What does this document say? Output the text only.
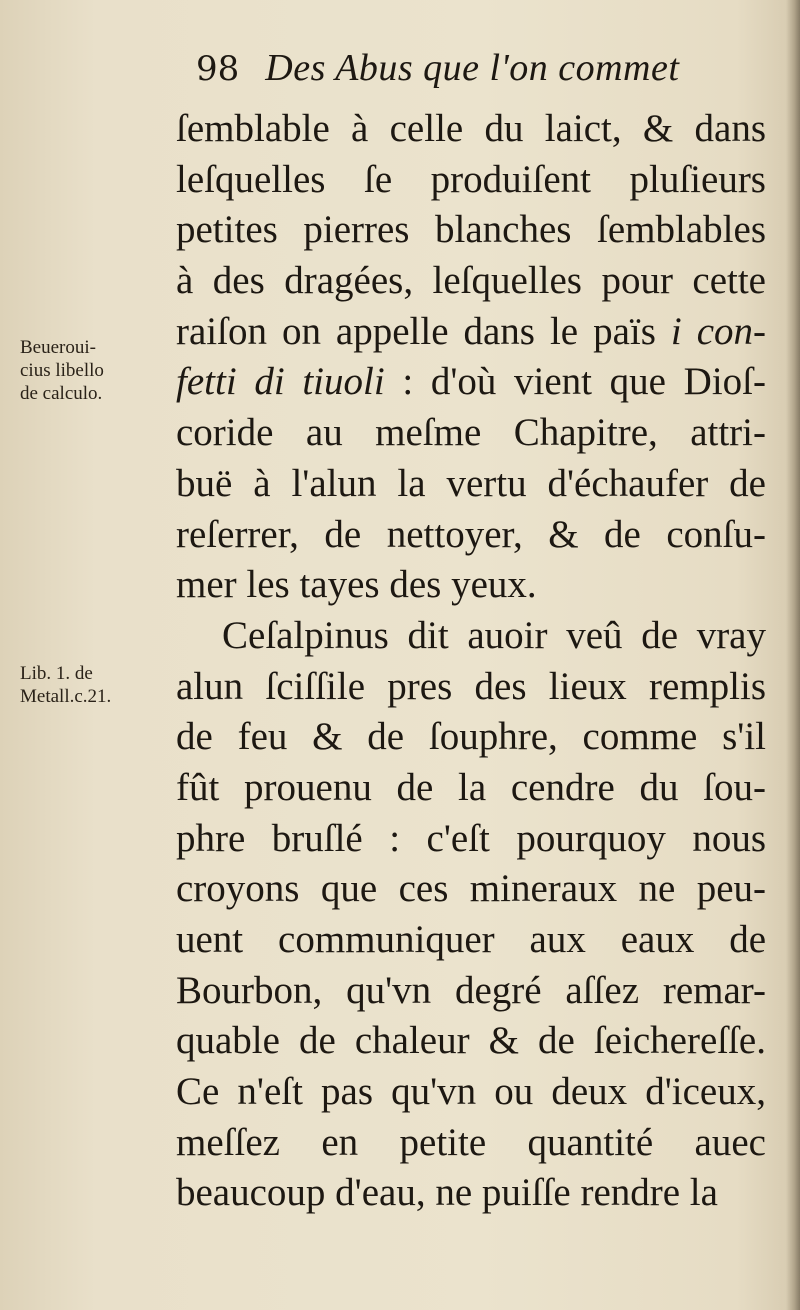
98 Des Abus que l'on commet
Beueroui-
cius libello
de calculo.
Lib. 1. de
Metall.c.21.
ſemblable à celle du laict, & dans
leſquelles ſe produiſent pluſieurs
petites pierres blanches ſemblables
à des dragées, leſquelles pour cette
raiſon on appelle dans le païs i con-
fetti di tiuoli : d'où vient que Dioſ-
coride au meſme Chapitre, attri-
buë à l'alun la vertu d'échaufer de
reſerrer, de nettoyer, & de conſu-
mer les tayes des yeux.
Ceſalpinus dit auoir veû de vray
alun ſciſſile pres des lieux remplis
de feu & de ſouphre, comme s'il
fût prouenu de la cendre du ſou-
phre bruſlé : c'eſt pourquoy nous
croyons que ces mineraux ne peu-
uent communiquer aux eaux de
Bourbon, qu'vn degré aſſez remar-
quable de chaleur & de ſeichereſſe.
Ce n'eſt pas qu'vn ou deux d'iceux,
meſſez en petite quantité auec
beaucoup d'eau, ne puiſſe rendre la
